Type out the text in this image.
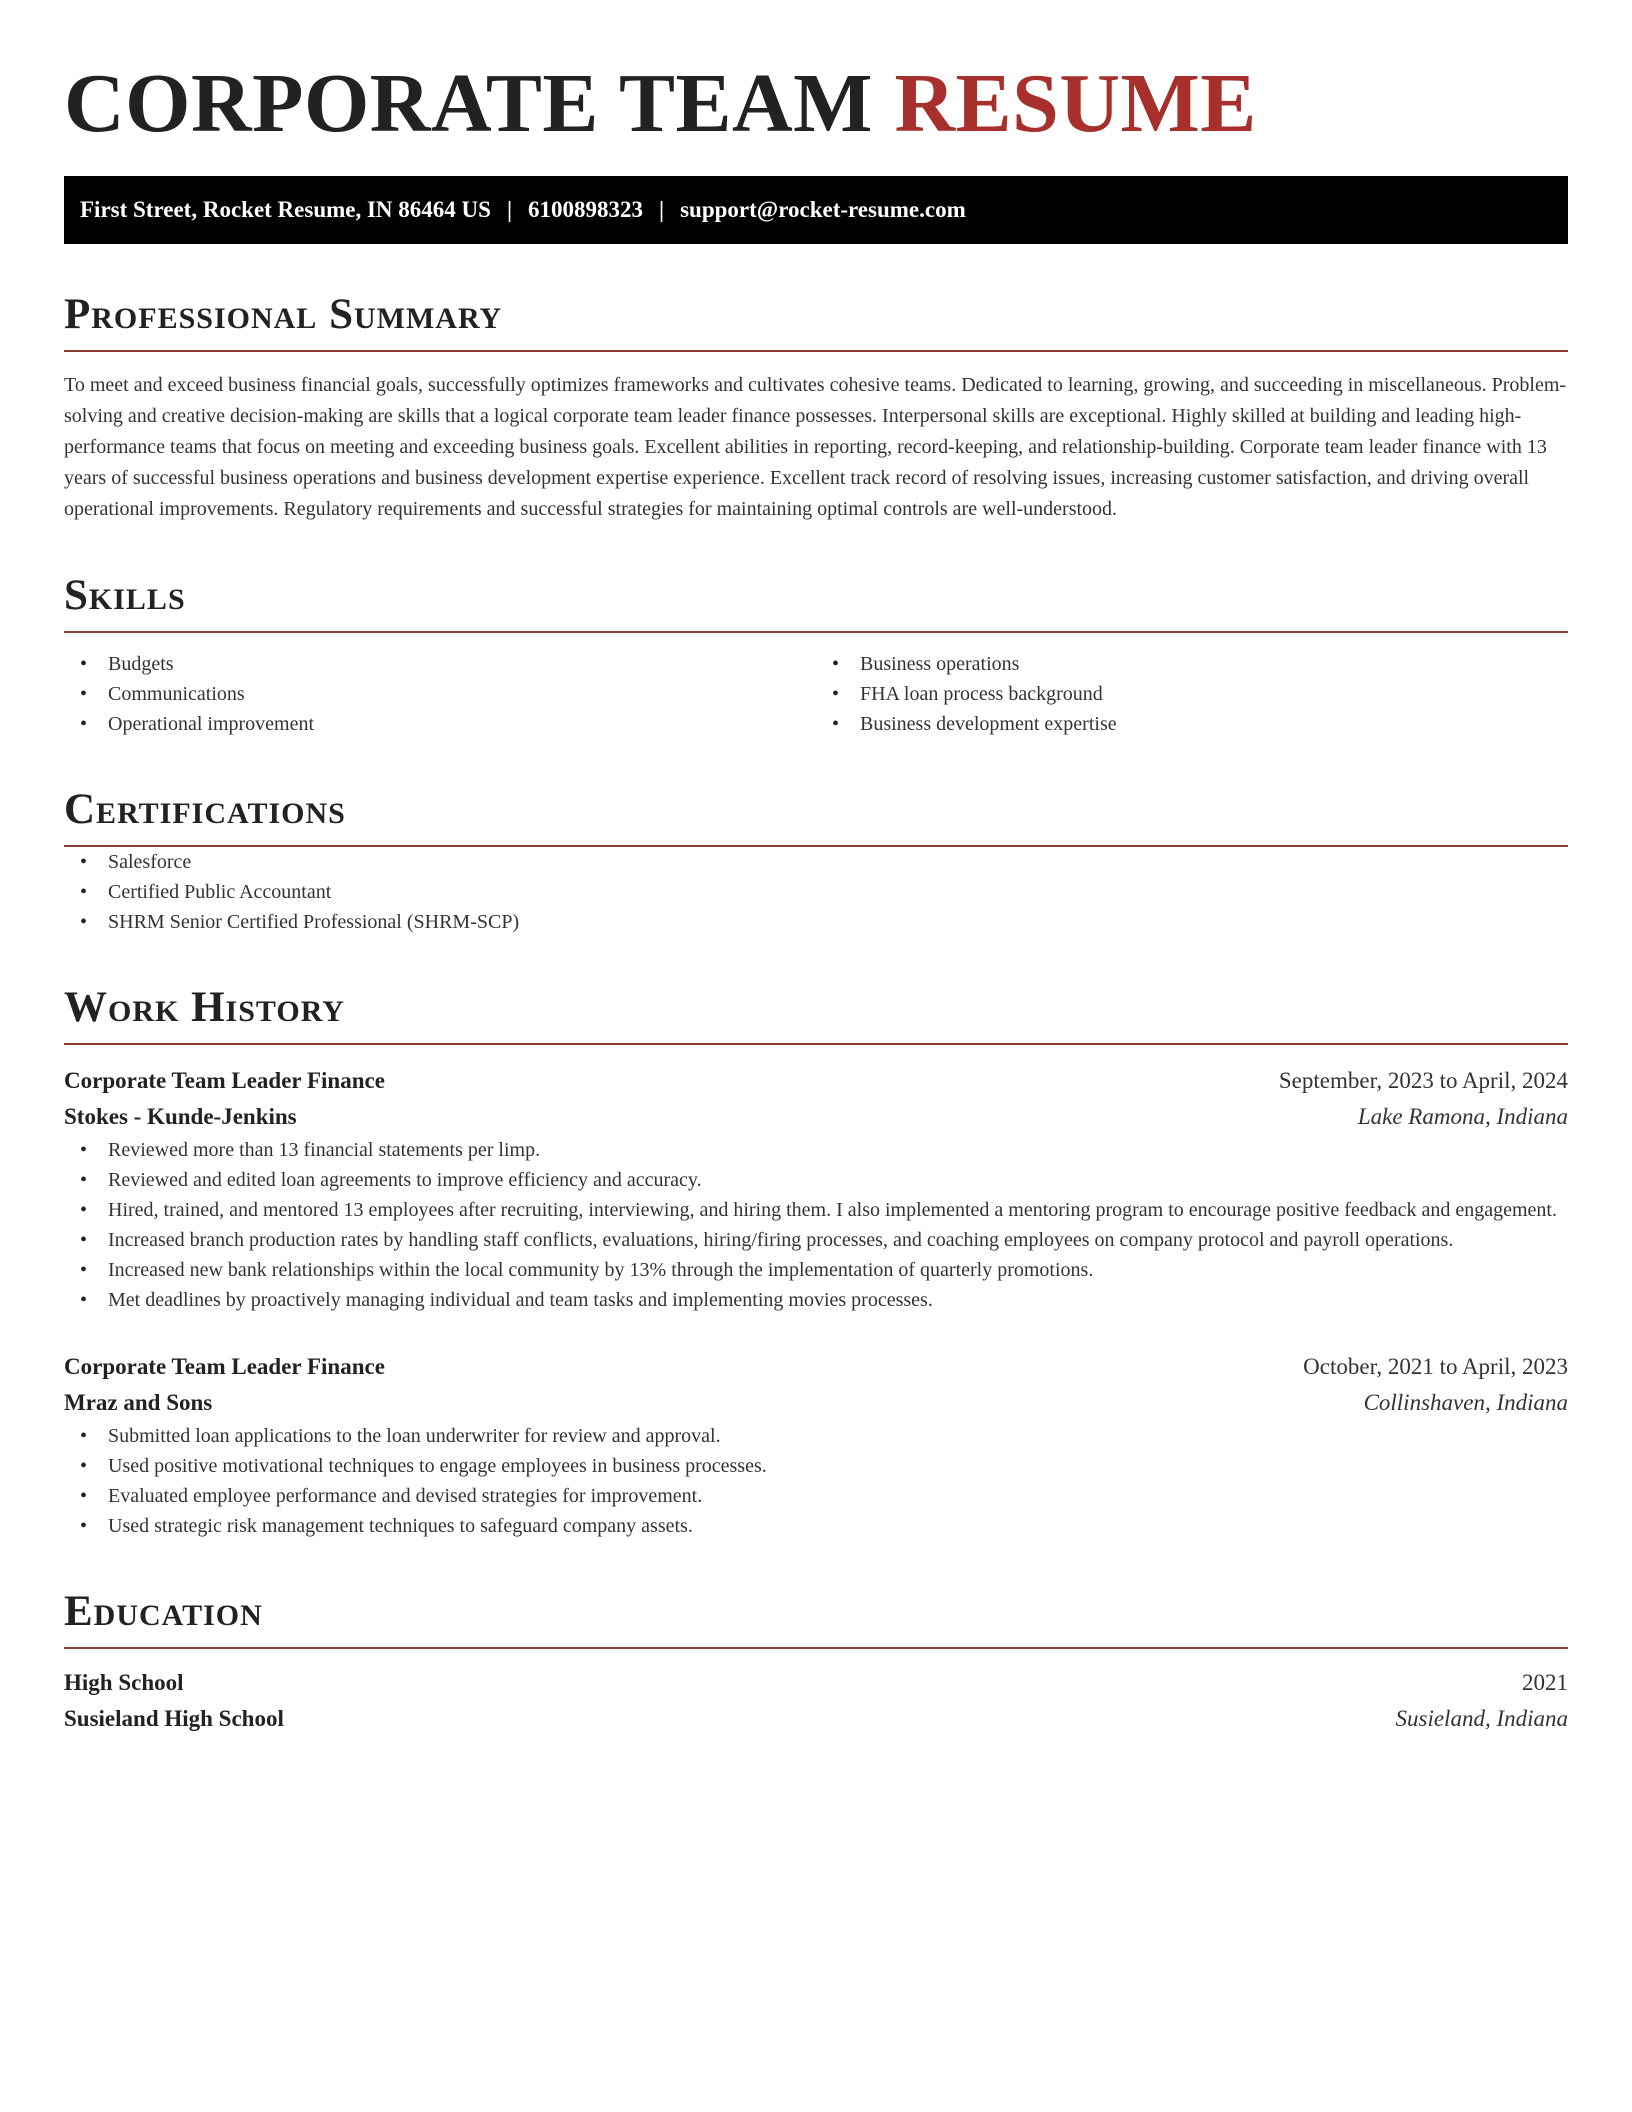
CORPORATE TEAM RESUME
First Street, Rocket Resume, IN 86464 US | 6100898323 | support@rocket-resume.com
Professional Summary

To meet and exceed business financial goals, successfully optimizes frameworks and cultivates cohesive teams. Dedicated to learning, growing, and succeeding in miscellaneous. Problem-solving and creative decision-making are skills that a logical corporate team leader finance possesses. Interpersonal skills are exceptional. Highly skilled at building and leading high-performance teams that focus on meeting and exceeding business goals. Excellent abilities in reporting, record-keeping, and relationship-building. Corporate team leader finance with 13 years of successful business operations and business development expertise experience. Excellent track record of resolving issues, increasing customer satisfaction, and driving overall operational improvements. Regulatory requirements and successful strategies for maintaining optimal controls are well-understood.

Skills
• Budgets
• Communications
• Operational improvement
• Business operations
• FHA loan process background
• Business development expertise
Certifications
• Salesforce
• Certified Public Accountant
• SHRM Senior Certified Professional (SHRM-SCP)
Work History
Corporate Team Leader Finance	September, 2023 to April, 2024
Stokes - Kunde-Jenkins	Lake Ramona, Indiana
• Reviewed more than 13 financial statements per limp.
• Reviewed and edited loan agreements to improve efficiency and accuracy.
• Hired, trained, and mentored 13 employees after recruiting, interviewing, and hiring them. I also implemented a mentoring program to encourage positive feedback and engagement.
• Increased branch production rates by handling staff conflicts, evaluations, hiring/firing processes, and coaching employees on company protocol and payroll operations.
• Increased new bank relationships within the local community by 13% through the implementation of quarterly promotions.
• Met deadlines by proactively managing individual and team tasks and implementing movies processes.
Corporate Team Leader Finance	October, 2021 to April, 2023
Mraz and Sons	Collinshaven, Indiana
• Submitted loan applications to the loan underwriter for review and approval.
• Used positive motivational techniques to engage employees in business processes.
• Evaluated employee performance and devised strategies for improvement.
• Used strategic risk management techniques to safeguard company assets.
Education
High School	2021
Susieland High School	Susieland, Indiana
